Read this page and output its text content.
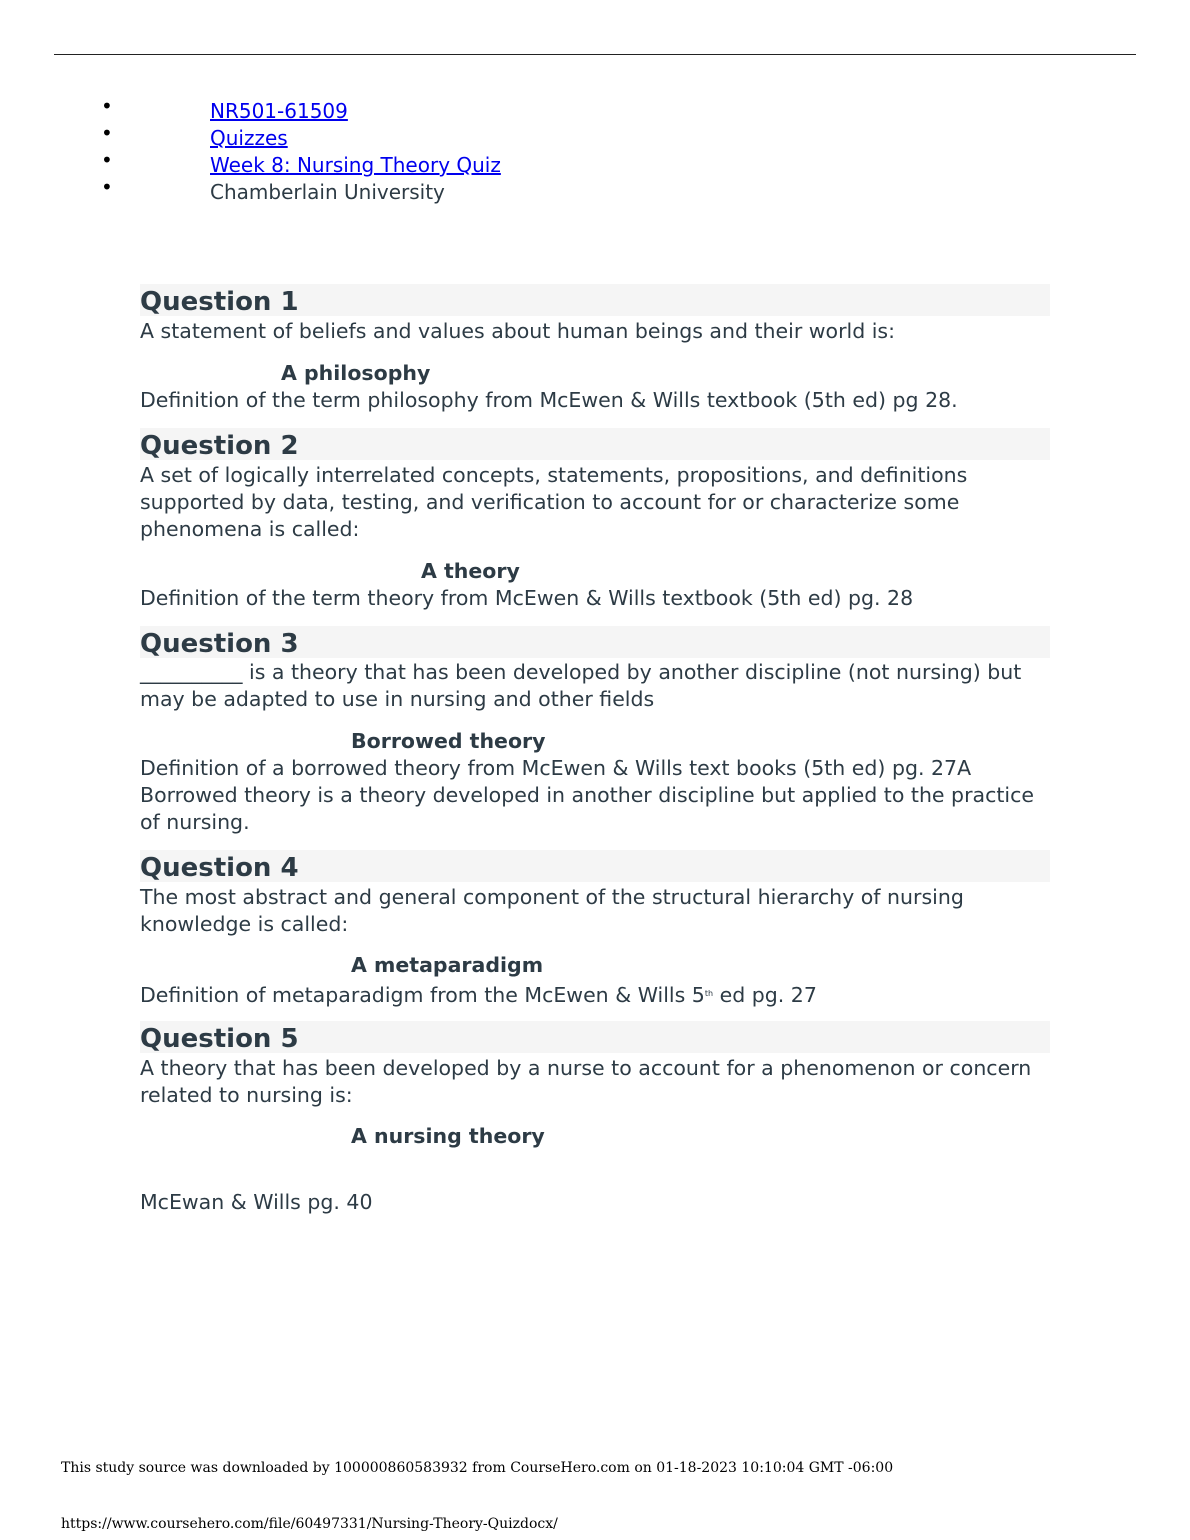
•	NR501-61509
•	Quizzes
•	Week 8: Nursing Theory Quiz
•	Chamberlain University
Question 1
A statement of beliefs and values about human beings and their world is:
A philosophy
Definition of the term philosophy from McEwen & Wills textbook (5th ed) pg 28.
Question 2
A set of logically interrelated concepts, statements, propositions, and definitions supported by data, testing, and verification to account for or characterize some phenomena is called:
A theory
Definition of the term theory from McEwen & Wills textbook (5th ed) pg. 28
Question 3
__________ is a theory that has been developed by another discipline (not nursing) but may be adapted to use in nursing and other fields
Borrowed theory
Definition of a borrowed theory from McEwen & Wills text books (5th ed) pg. 27A Borrowed theory is a theory developed in another discipline but applied to the practice of nursing.
Question 4
The most abstract and general component of the structural hierarchy of nursing knowledge is called:
A metaparadigm
Definition of metaparadigm from the McEwen & Wills 5th ed pg. 27
Question 5
A theory that has been developed by a nurse to account for a phenomenon or concern related to nursing is:
A nursing theory
McEwan & Wills pg. 40
This study source was downloaded by 100000860583932 from CourseHero.com on 01-18-2023 10:10:04 GMT -06:00
https://www.coursehero.com/file/60497331/Nursing-Theory-Quizdocx/
